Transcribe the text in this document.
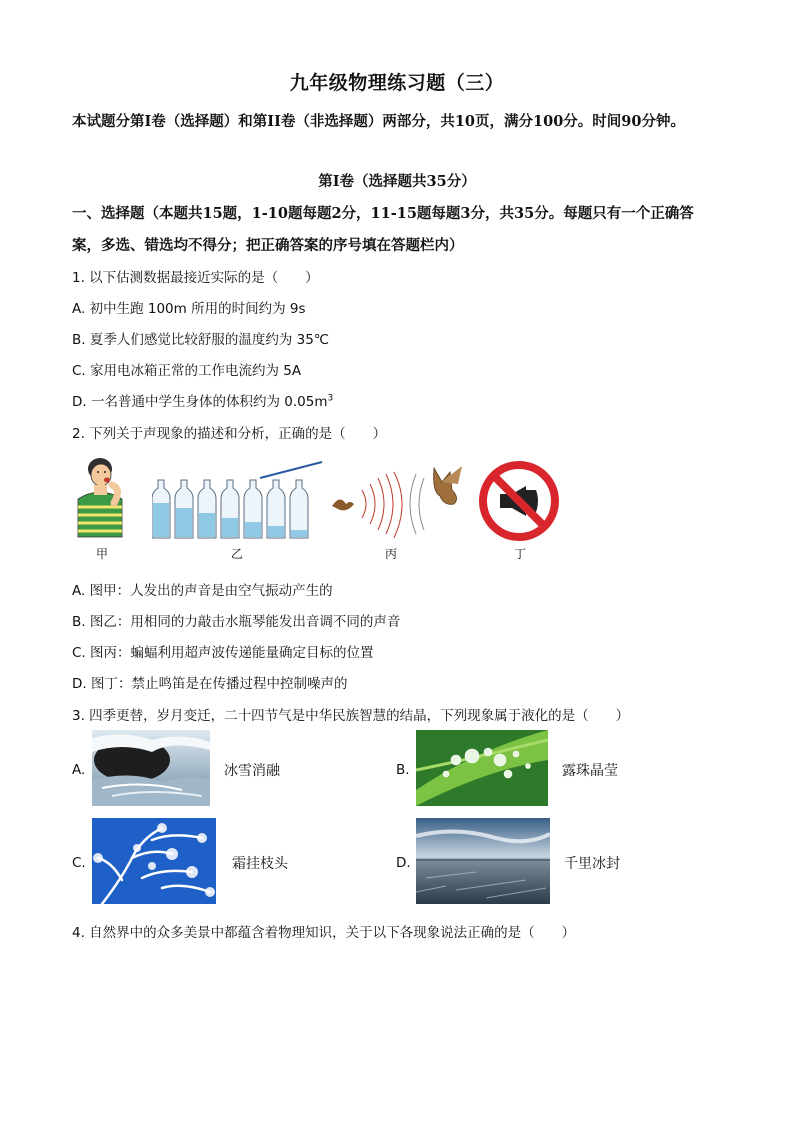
九年级物理练习题（三）
本试题分第I卷（选择题）和第II卷（非选择题）两部分，共10页，满分100分。时间90分钟。
第I卷（选择题共35分）
一、选择题（本题共15题，1-10题每题2分，11-15题每题3分，共35分。每题只有一个正确答案，多选、错选均不得分；把正确答案的序号填在答题栏内）
1. 以下估测数据最接近实际的是（　　）
A. 初中生跑 100m 所用的时间约为 9s
B. 夏季人们感觉比较舒服的温度约为 35℃
C. 家用电冰箱正常的工作电流约为 5A
D. 一名普通中学生身体的体积约为 $0.05m^3$
2. 下列关于声现象的描述和分析，正确的是（　　）
甲	乙	丙	丁
A. 图甲：人发出的声音是由空气振动产生的
B. 图乙：用相同的力敲击水瓶琴能发出音调不同的声音
C. 图丙：蝙蝠利用超声波传递能量确定目标的位置
D. 图丁：禁止鸣笛是在传播过程中控制噪声的
3. 四季更替，岁月变迁，二十四节气是中华民族智慧的结晶，下列现象属于液化的是（　　）
A.	冰雪消融	B.	露珠晶莹
C.	霜挂枝头	D.	千里冰封
4. 自然界中的众多美景中都蕴含着物理知识，关于以下各现象说法正确的是（　　）
